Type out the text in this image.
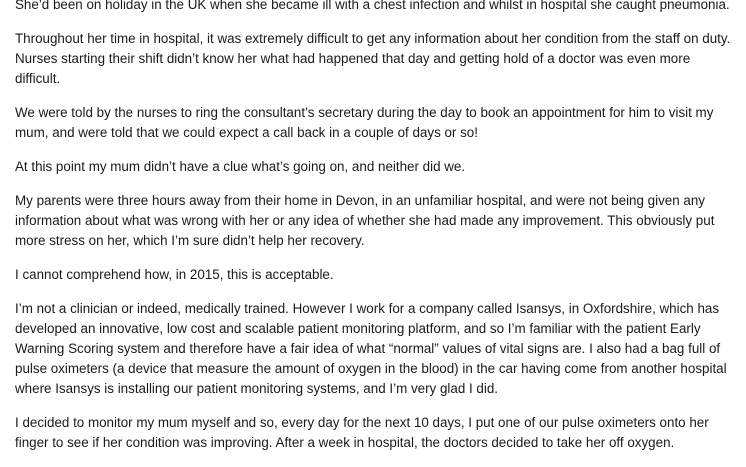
She’d been on holiday in the UK when she became ill with a chest infection and whilst in hospital she caught pneumonia.

Throughout her time in hospital, it was extremely difficult to get any information about her condition from the staff on duty. Nurses starting their shift didn’t know her what had happened that day and getting hold of a doctor was even more difficult.

We were told by the nurses to ring the consultant’s secretary during the day to book an appointment for him to visit my mum, and were told that we could expect a call back in a couple of days or so!

At this point my mum didn’t have a clue what’s going on, and neither did we.

My parents were three hours away from their home in Devon, in an unfamiliar hospital, and were not being given any information about what was wrong with her or any idea of whether she had made any improvement. This obviously put more stress on her, which I’m sure didn’t help her recovery.

I cannot comprehend how, in 2015, this is acceptable.

I’m not a clinician or indeed, medically trained. However I work for a company called Isansys, in Oxfordshire, which has developed an innovative, low cost and scalable patient monitoring platform, and so I’m familiar with the patient Early Warning Scoring system and therefore have a fair idea of what “normal” values of vital signs are. I also had a bag full of pulse oximeters (a device that measure the amount of oxygen in the blood) in the car having come from another hospital where Isansys is installing our patient monitoring systems, and I’m very glad I did.

I decided to monitor my mum myself and so, every day for the next 10 days, I put one of our pulse oximeters onto her finger to see if her condition was improving. After a week in hospital, the doctors decided to take her off oxygen.
